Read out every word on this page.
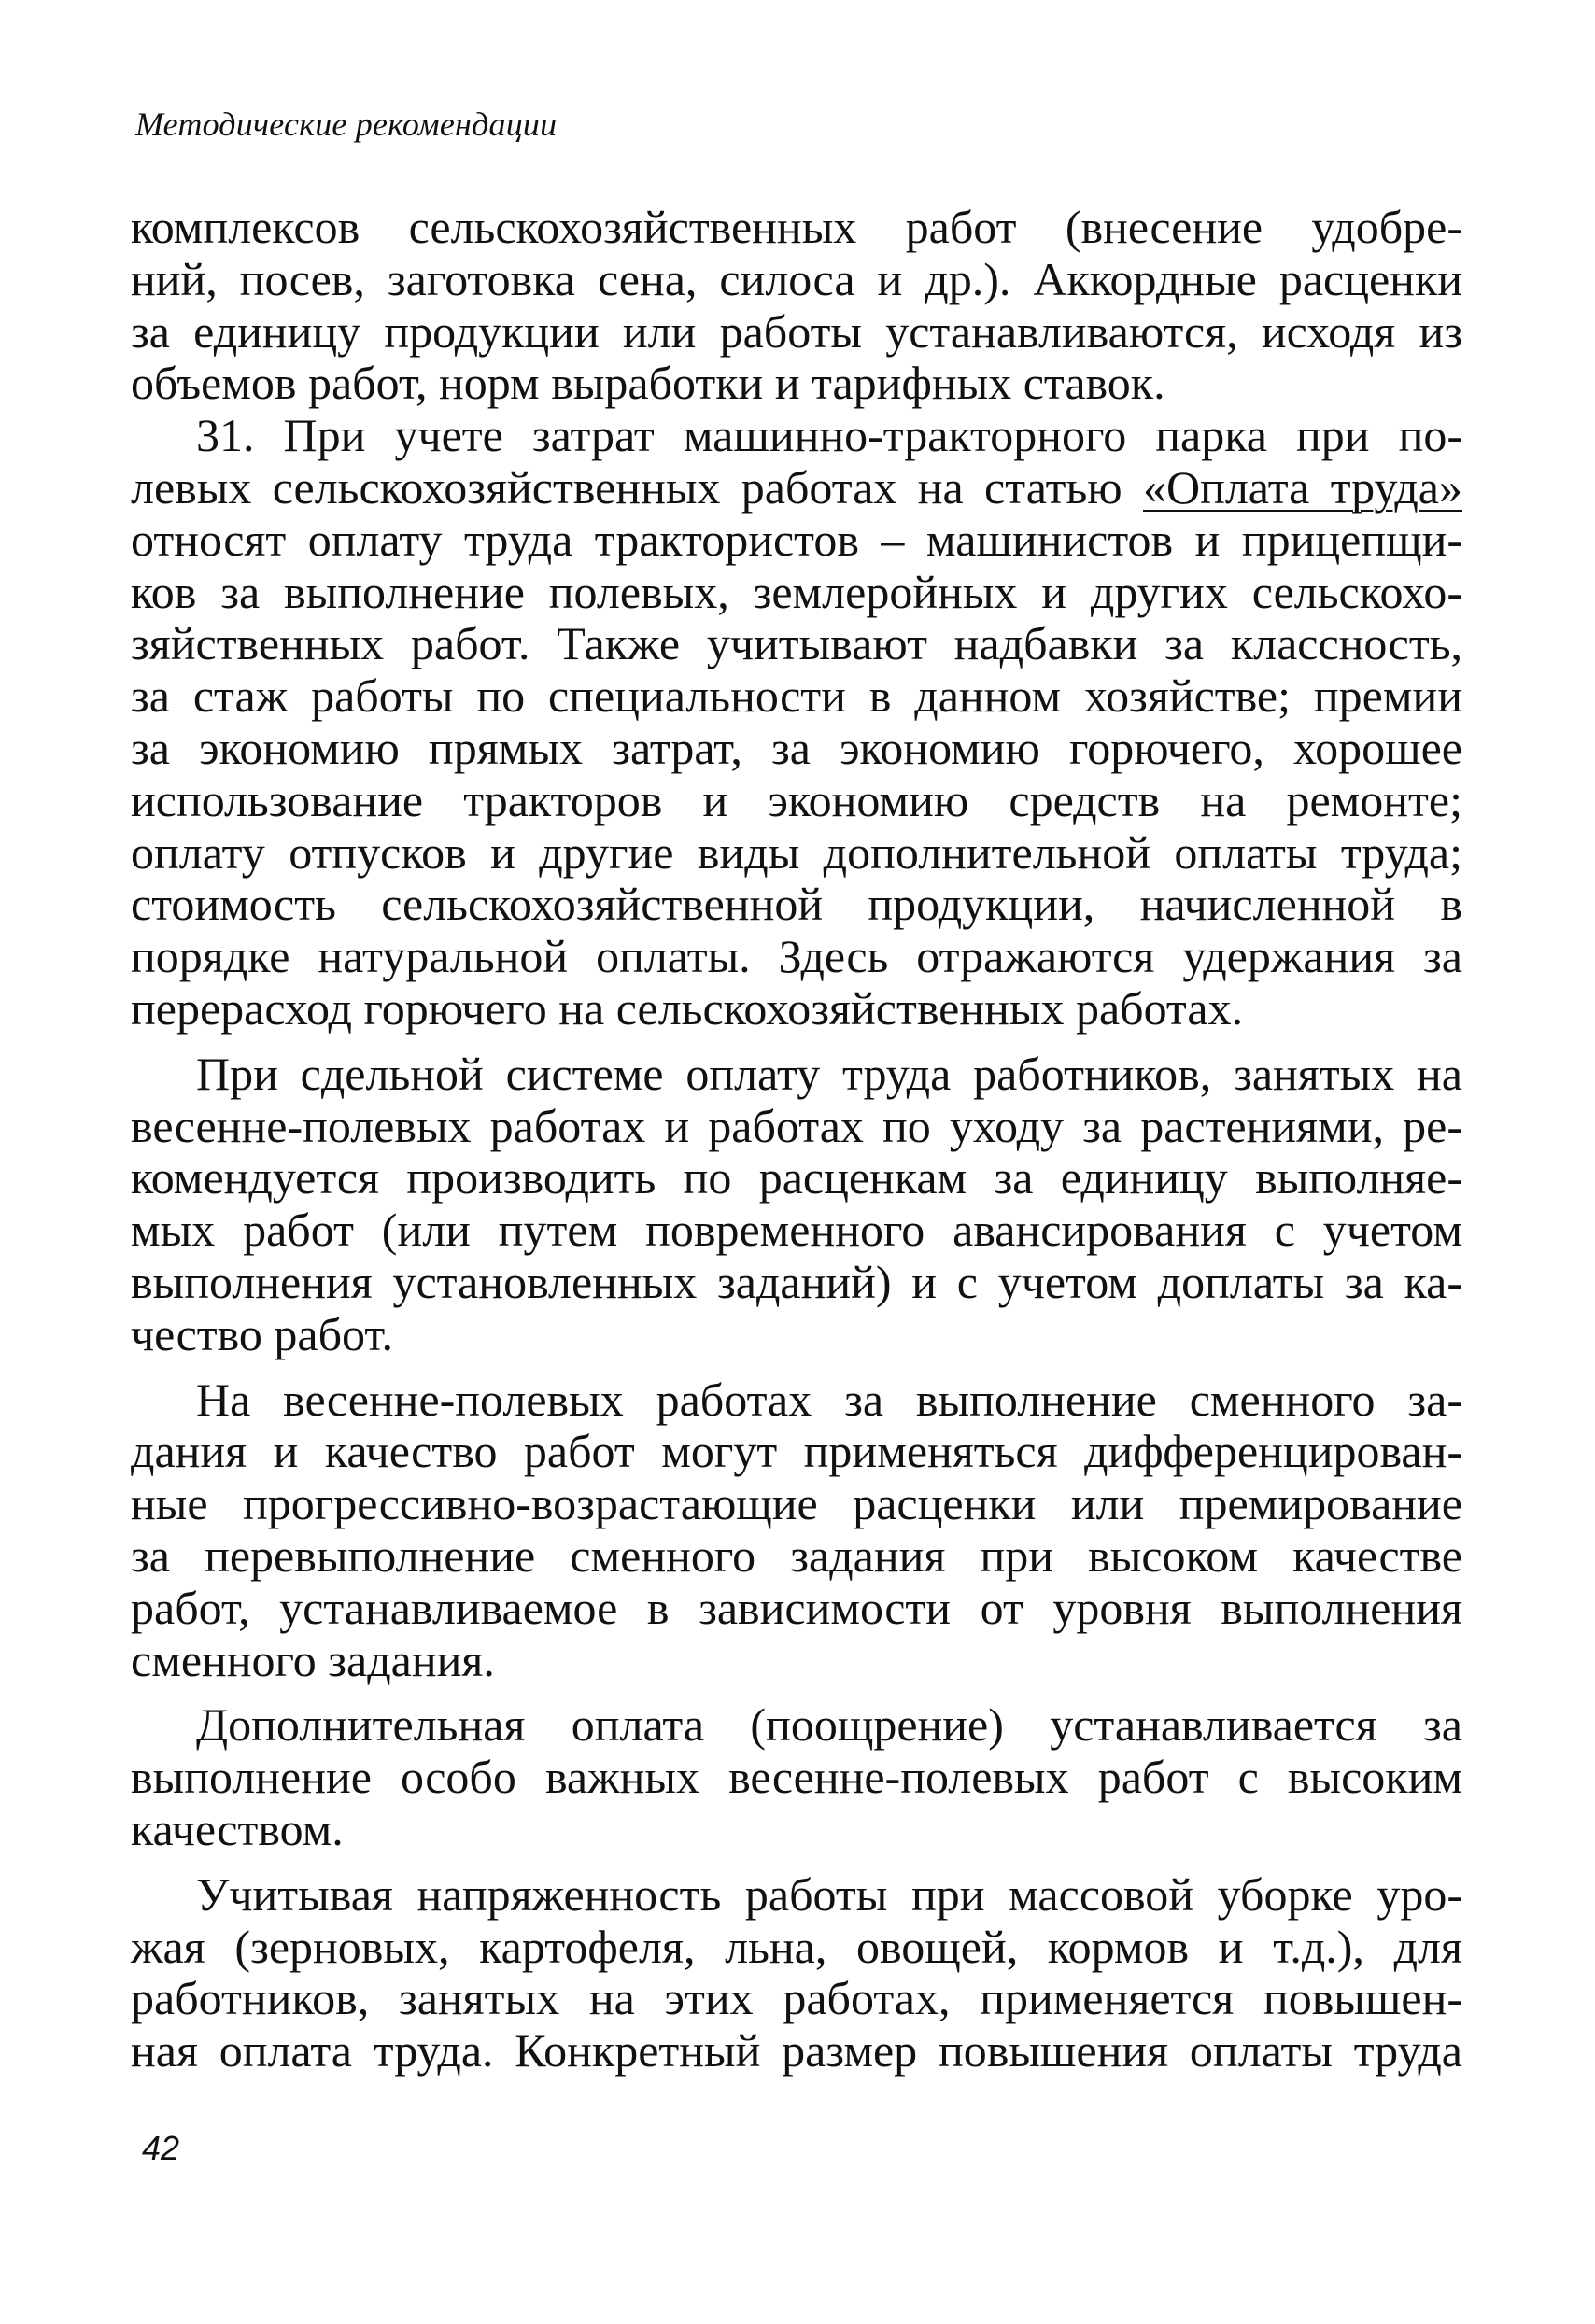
Методические рекомендации
комплексов сельскохозяйственных работ (внесение удобре-
ний, посев, заготовка сена, силоса и др.). Аккордные расценки
за единицу продукции или работы устанавливаются, исходя из
объемов работ, норм выработки и тарифных ставок.
31. При учете затрат машинно-тракторного парка при по-
левых сельскохозяйственных работах на статью «Оплата труда»
относят оплату труда трактористов – машинистов и прицепщи-
ков за выполнение полевых, землеройных и других сельскохо-
зяйственных работ. Также учитывают надбавки за классность,
за стаж работы по специальности в данном хозяйстве; премии
за экономию прямых затрат, за экономию горючего, хорошее
использование тракторов и экономию средств на ремонте;
оплату отпусков и другие виды дополнительной оплаты труда;
стоимость сельскохозяйственной продукции, начисленной в
порядке натуральной оплаты. Здесь отражаются удержания за
перерасход горючего на сельскохозяйственных работах.
При сдельной системе оплату труда работников, занятых на
весенне-полевых работах и работах по уходу за растениями, ре-
комендуется производить по расценкам за единицу выполняе-
мых работ (или путем повременного авансирования с учетом
выполнения установленных заданий) и с учетом доплаты за ка-
чество работ.
На весенне-полевых работах за выполнение сменного за-
дания и качество работ могут применяться дифференцирован-
ные прогрессивно-возрастающие расценки или премирование
за перевыполнение сменного задания при высоком качестве
работ, устанавливаемое в зависимости от уровня выполнения
сменного задания.
Дополнительная оплата (поощрение) устанавливается за
выполнение особо важных весенне-полевых работ с высоким
качеством.
Учитывая напряженность работы при массовой уборке уро-
жая (зерновых, картофеля, льна, овощей, кормов и т.д.), для
работников, занятых на этих работах, применяется повышен-
ная оплата труда. Конкретный размер повышения оплаты труда
42
